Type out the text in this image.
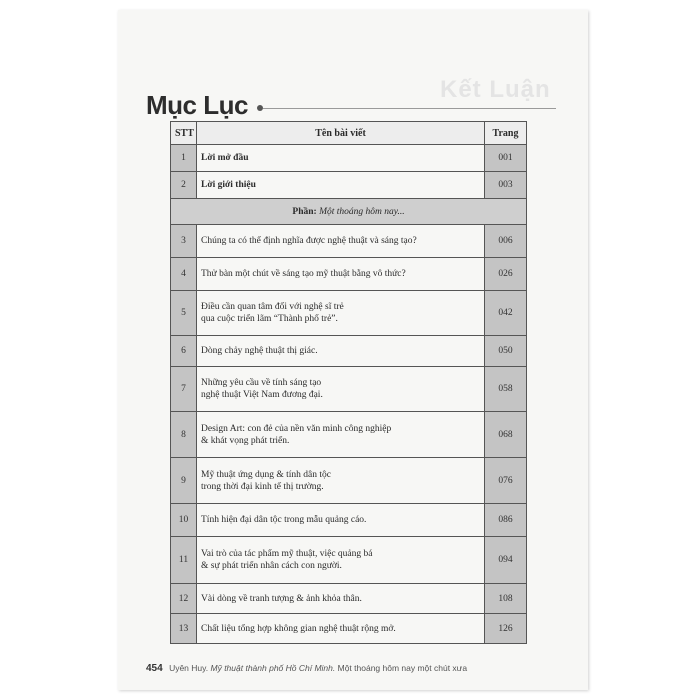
Kết Luận
Mục Lục
STT	Tên bài viết	Trang
1	Lời mở đầu	001
2	Lời giới thiệu	003
Phần: Một thoáng hôm nay...		
3	Chúng ta có thể định nghĩa được nghệ thuật và sáng tạo?	006
4	Thử bàn một chút về sáng tạo mỹ thuật bằng vô thức?	026
5	Điều cần quan tâm đối với nghệ sĩ trẻ
qua cuộc triển lãm “Thành phố trẻ”.	042
6	Dòng chảy nghệ thuật thị giác.	050
7	Những yêu cầu về tính sáng tạo
nghệ thuật Việt Nam đương đại.	058
8	Design Art: con đẻ của nền văn minh công nghiệp
& khát vọng phát triển.	068
9	Mỹ thuật ứng dụng & tính dân tộc
trong thời đại kinh tế thị trường.	076
10	Tính hiện đại dân tộc trong mẫu quảng cáo.	086
11	Vai trò của tác phẩm mỹ thuật, việc quảng bá
& sự phát triển nhân cách con người.	094
12	Vài dòng về tranh tượng & ảnh khỏa thân.	108
13	Chất liệu tổng hợp không gian nghệ thuật rộng mở.	126
454 Uyên Huy. Mỹ thuật thành phố Hồ Chí Minh. Một thoáng hôm nay một chút xưa
